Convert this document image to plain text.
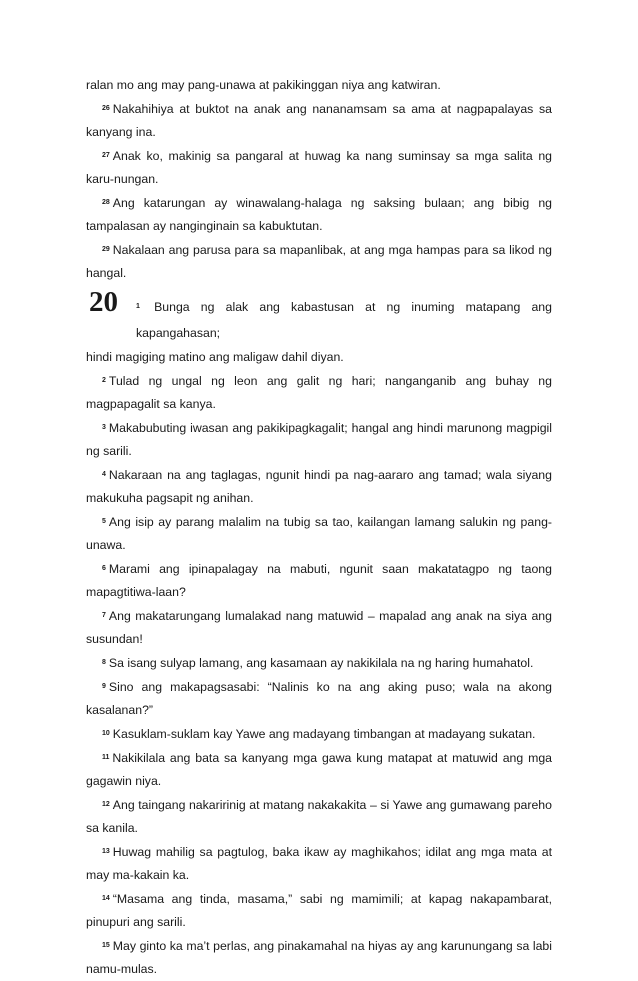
ralan mo ang may pang-unawa at pakikinggan niya ang katwiran.

$^{26}$ Nakahihiya at buktot na anak ang nananamsam sa ama at nagpapalayas sa kanyang ina.

$^{27}$ Anak ko, makinig sa pangaral at huwag ka nang suminsay sa mga salita ng karu-nungan.

$^{28}$ Ang katarungan ay winawalang-halaga ng saksing bulaan; ang bibig ng tampalasan ay nanginginain sa kabuktutan.

$^{29}$ Nakalaan ang parusa para sa mapanlibak, at ang mga hampas para sa likod ng hangal.

20	$^1$ Bunga ng alak ang kabastusan at ng inuming matapang ang kapangahasan;

hindi magiging matino ang maligaw dahil diyan.

$^2$ Tulad ng ungal ng leon ang galit ng hari; nanganganib ang buhay ng magpapagalit sa kanya.

$^3$ Makabubuting iwasan ang pakikipagkagalit; hangal ang hindi marunong magpigil ng sarili.

$^4$ Nakaraan na ang taglagas, ngunit hindi pa nag-aararo ang tamad; wala siyang makukuha pagsapit ng anihan.

$^5$ Ang isip ay parang malalim na tubig sa tao, kailangan lamang salukin ng pang-unawa.

$^6$ Marami ang ipinapalagay na mabuti, ngunit saan makatatagpo ng taong mapagtitiwa-laan?

$^7$ Ang makatarungang lumalakad nang matuwid – mapalad ang anak na siya ang susundan!

$^8$ Sa isang sulyap lamang, ang kasamaan ay nakikilala na ng haring humahatol.

$^9$ Sino ang makapagsasabi: “Nalinis ko na ang aking puso; wala na akong kasalanan?”

$^{10}$ Kasuklam-suklam kay Yawe ang madayang timbangan at madayang sukatan.

$^{11}$ Nakikilala ang bata sa kanyang mga gawa kung matapat at matuwid ang mga gagawin niya.

$^{12}$ Ang taingang nakaririnig at matang nakakakita – si Yawe ang gumawang pareho sa kanila.

$^{13}$ Huwag mahilig sa pagtulog, baka ikaw ay maghikahos; idilat ang mga mata at may ma-kakain ka.

$^{14}$ “Masama ang tinda, masama,” sabi ng mamimili; at kapag nakapambarat, pinupuri ang sarili.

$^{15}$ May ginto ka ma’t perlas, ang pinakamahal na hiyas ay ang karunungang sa labi namu-mulas.
